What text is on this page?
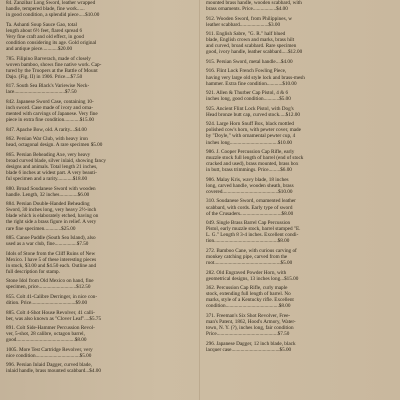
84. Zanzibar Long Sword, leather wrapped

handle, tempered blade, fine work......

in good condition, a splendid piece.....$10.00

Ta. Ashanti Soup Sauce Gao, total

length about 6½ feet, flared spread 6

Very fine craft and old effect, in good

condition considering its age. Gold original

and antique piece............$20.00

785. Filipino Barverach, made of closely

woven bamboo, shows fine native work. Cap-

tured by the Troopers at the Battle of Mount

Dajo. (Fig. II) in 1906. Price....$7.50

817. South Sea Black's Variewise Neck-

lace.......................................$7.50

842. Japanese Sword Case, containing 10-

inch sword. Case made of ivory and orna-

mented with carvings of Japanese. Very fine

piece in extra fine condition............$15.00

847. Apache Bow, old. A rarity....$4.00

862. Persian War Club, with heavy iron

head, octagonal design. A rare specimen $5.00

865. Persian Beheading Axe, very heavy

broad curved blade, silver inlaid, showing fancy

designs and animals. Total length 21 inches,

blade 6 inches at widest part. A very beauti-

ful specimen and a rarity............$18.00

880. Broad Soudanese Sword with wooden

handle. Length, 32 inches..............$6.00

884. Persian Double-Handed Beheading

Sword, 30 inches long, very heavy 2½-inch

blade which is elaborately etched, having on

the right side a brass figure in relief. A very

rare fine specimen.............$25.00

885. Canoe Paddle (South Sea Island), also

used as a war club, fine.................$7.50

Idols of Stone from the Cliff Ruins of New

Mexico. I have 5 of these interesting pieces

in stock, $3.00 and $4.50 each. Outline and

full description for stamp.

Stone Idol from Old Mexico on hand, fine

specimen, price.............................$12.50

855. Colt 41-Calibre Derringer, in nice con-

dition. Price..................................$9.00

885. Colt 4-Shot House Revolver, 41 calli-

ber, was also known as "Clover Leaf"....$5.75

891. Colt Side-Hammer Percussion Revol-

ver, 5-shot, 28 calibre, octagon barrel,

good.............................................$8.00

1005. More Test Cartridge Revolver, very

nice condition..................................$5.00

996. Persian Inlaid Dagger, curved blade,

inlaid handle, brass mounted scabbard...$4.00

mounted brass handle, wooden scabbard, with

brass ornaments. Price..................$4.00

912. Wooden Sword, from Philippines, w

leather scabbard......................$3.00

911. English Sabre, "G. R." half blued

blade, English crown and marks, brass hilt

and curved, broad scabbard. Rare specimen

good, ivory handle, leather scabbard.....$12.00

915. Persian Sword, metal handle....$4.00

916. Flint Lock French Fowling Piece,

having very large old style lock and brass-mesh

hammer. Extra fine condition............$10.00

921. Allen & Thurber Cap Pistol, 4 & 6

inches long, good condition............$5.00

925. Ancient Flint Lock Pistol, with Dog's

Head bronze butt cap, curved stock.....$12.00

924. Large Horn Snuff Box, black mottled

polished cow's horn, with pewter cover, made

by "Doyle," with ornamental pewter cup, 4

inches long.....................................$10.00

986. J. Cooper Percussion Cap Rifle, early

muzzle stock full length of barrel (end of stock

cracked and used), brass mounted, brass box

in butt, brass trimmings. Price.........$6.00

986. Malay Kris, wavy blade, 18 inches

long, carved handle, wooden sheath, brass

covered...........................................$10.00

310. Soudanese Sword, ornamented leather

scabbard, with cords. Early type of sword

of the Crusaders................................$8.00

049. Single Brass Barrel Cap Percussion

Pistol, early muzzle stock, barrel stamped "E.

L. G." Length 8 3-4 inches. Excellent condi-

tion.................................................$8.00

272. Bamboo Cane, with curious carving of

monkey catching pipe, carved from the

root...................................................$5.00

282. Old Engraved Powder Horn, with

geometrical designs, 13 inches long...$15.00

362. Percussion Cap Rifle, curly maple

stock, extending full length of barrel. No

marks, style of a Kentucky rifle. Excellent

condition.........................................$8.00

371. Freeman's Six Shot Revolver, Free-

man's Patent, 1862, Hood's Armory, Water-

town, N. Y. (?), inches long, fair condition

Price...............................................$7.50

296. Japanese Dagger, 12 inch blade, black

lacquer case.....................................$5.00
